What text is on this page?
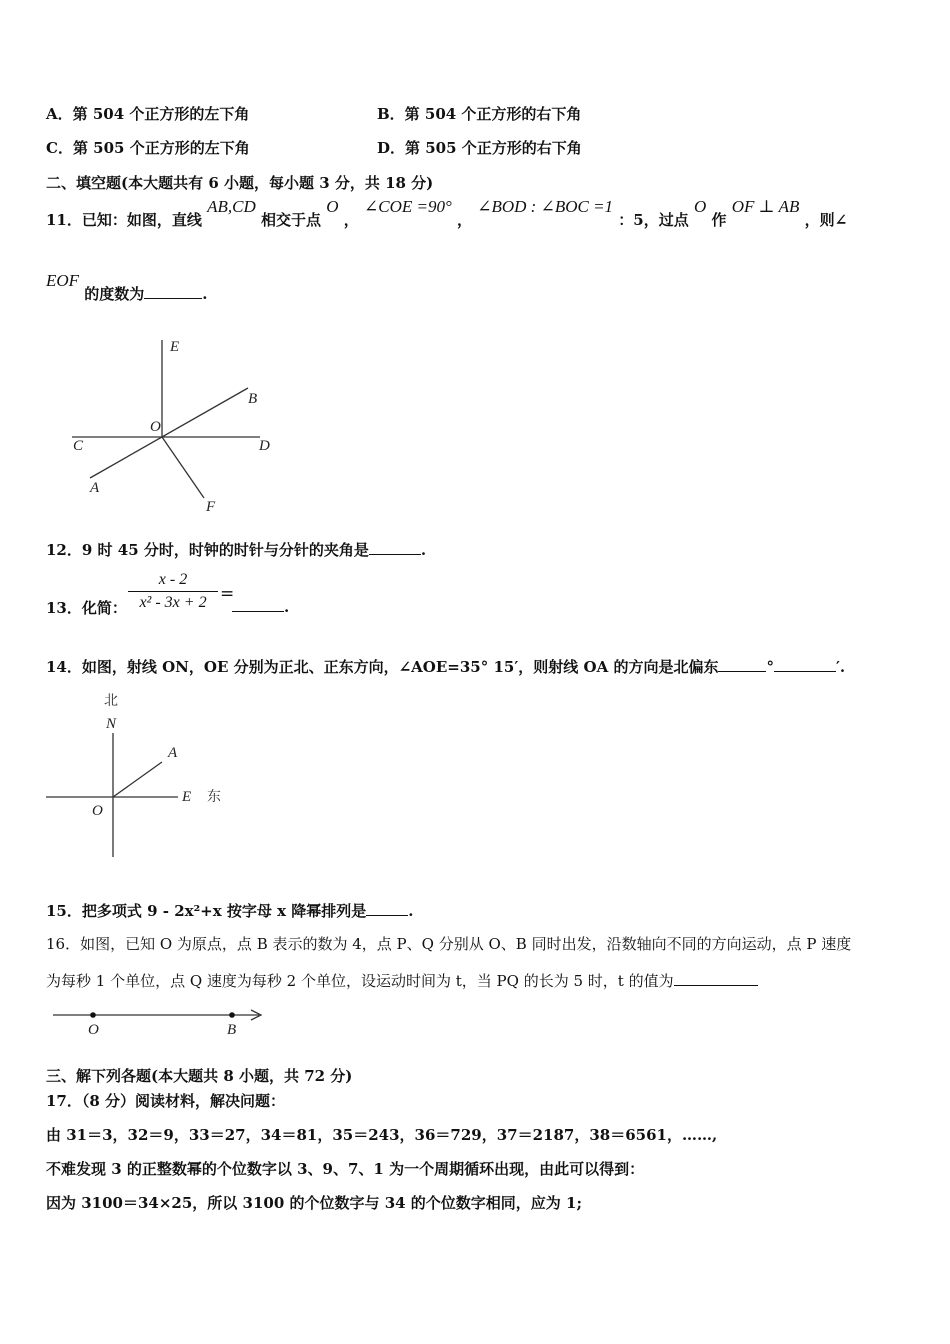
A．第 504 个正方形的左下角	B．第 504 个正方形的右下角
C．第 505 个正方形的左下角	D．第 505 个正方形的右下角
二、填空题(本大题共有 6 小题，每小题 3 分，共 18 分)
11．已知：如图，直线 AB,CD 相交于点 O ， ∠COE =90° ， ∠BOD : ∠BOC =1 ：5，过点 O 作 OF ⊥ AB ，则∠
EOF 的度数为	.
E
B
O
C	D
A
F
12．9 时 45 分时，时钟的时针与分针的夹角是	.
13．化简：
x - 2
x² - 3x + 2 =
.
14．如图，射线 ON，OE 分别为正北、正东方向，∠AOE=35° 15′，则射线 OA 的方向是北偏东	°	′.
北
N
A
O
E 东
15．把多项式 9 - 2x²+x 按字母 x 降幂排列是	.
16．如图，已知 O 为原点，点 B 表示的数为 4，点 P、Q 分别从 O、B 同时出发，沿数轴向不同的方向运动，点 P 速度
为每秒 1 个单位，点 Q 速度为每秒 2 个单位，设运动时间为 t，当 PQ 的长为 5 时，t 的值为
O	B
三、解下列各题(本大题共 8 小题，共 72 分)
17．（8 分）阅读材料，解决问题：
由 31＝3，32＝9，33＝27，34＝81，35＝243，36＝729，37＝2187，38＝6561，……,
不难发现 3 的正整数幂的个位数字以 3、9、7、1 为一个周期循环出现，由此可以得到：
因为 3100＝34×25，所以 3100 的个位数字与 34 的个位数字相同，应为 1;
